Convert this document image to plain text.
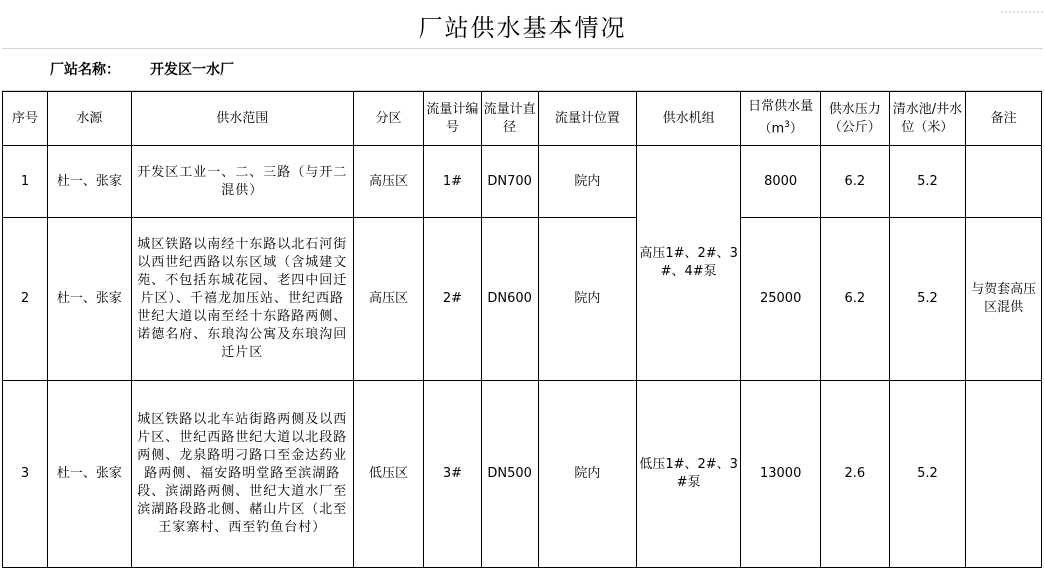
厂站供水基本情况
厂站名称： 开发区一水厂
序号	水源	供水范围	分区	流量计编号	流量计直径	流量计位置	供水机组	日常供水量$(m^3)$	供水压力（公斤）	清水池/井水位（米）	备注
1	杜一、张家	开发区工业一、二、三路（与开二混供）	高压区	1#	DN700	院内	高压1#、2#、3#、4#泵	8000	6.2	5.2	
2	杜一、张家	城区铁路以南经十东路以北石河街以西世纪西路以东区域（含城建文苑、不包括东城花园、老四中回迁片区）、千禧龙加压站、世纪西路世纪大道以南至经十东路路两侧、诺德名府、东琅沟公寓及东琅沟回迁片区	高压区	2#	DN600	院内		25000	6.2	5.2	与贺套高压区混供
3	杜一、张家	城区铁路以北车站街路两侧及以西片区、世纪西路世纪大道以北段路两侧、龙泉路明刁路口至金达药业路两侧、福安路明堂路至滨湖路段、滨湖路两侧、世纪大道水厂至滨湖路段路北侧、赭山片区（北至王家寨村、西至钓鱼台村）	低压区	3#	DN500	院内	低压1#、2#、3#泵	13000	2.6	5.2	
